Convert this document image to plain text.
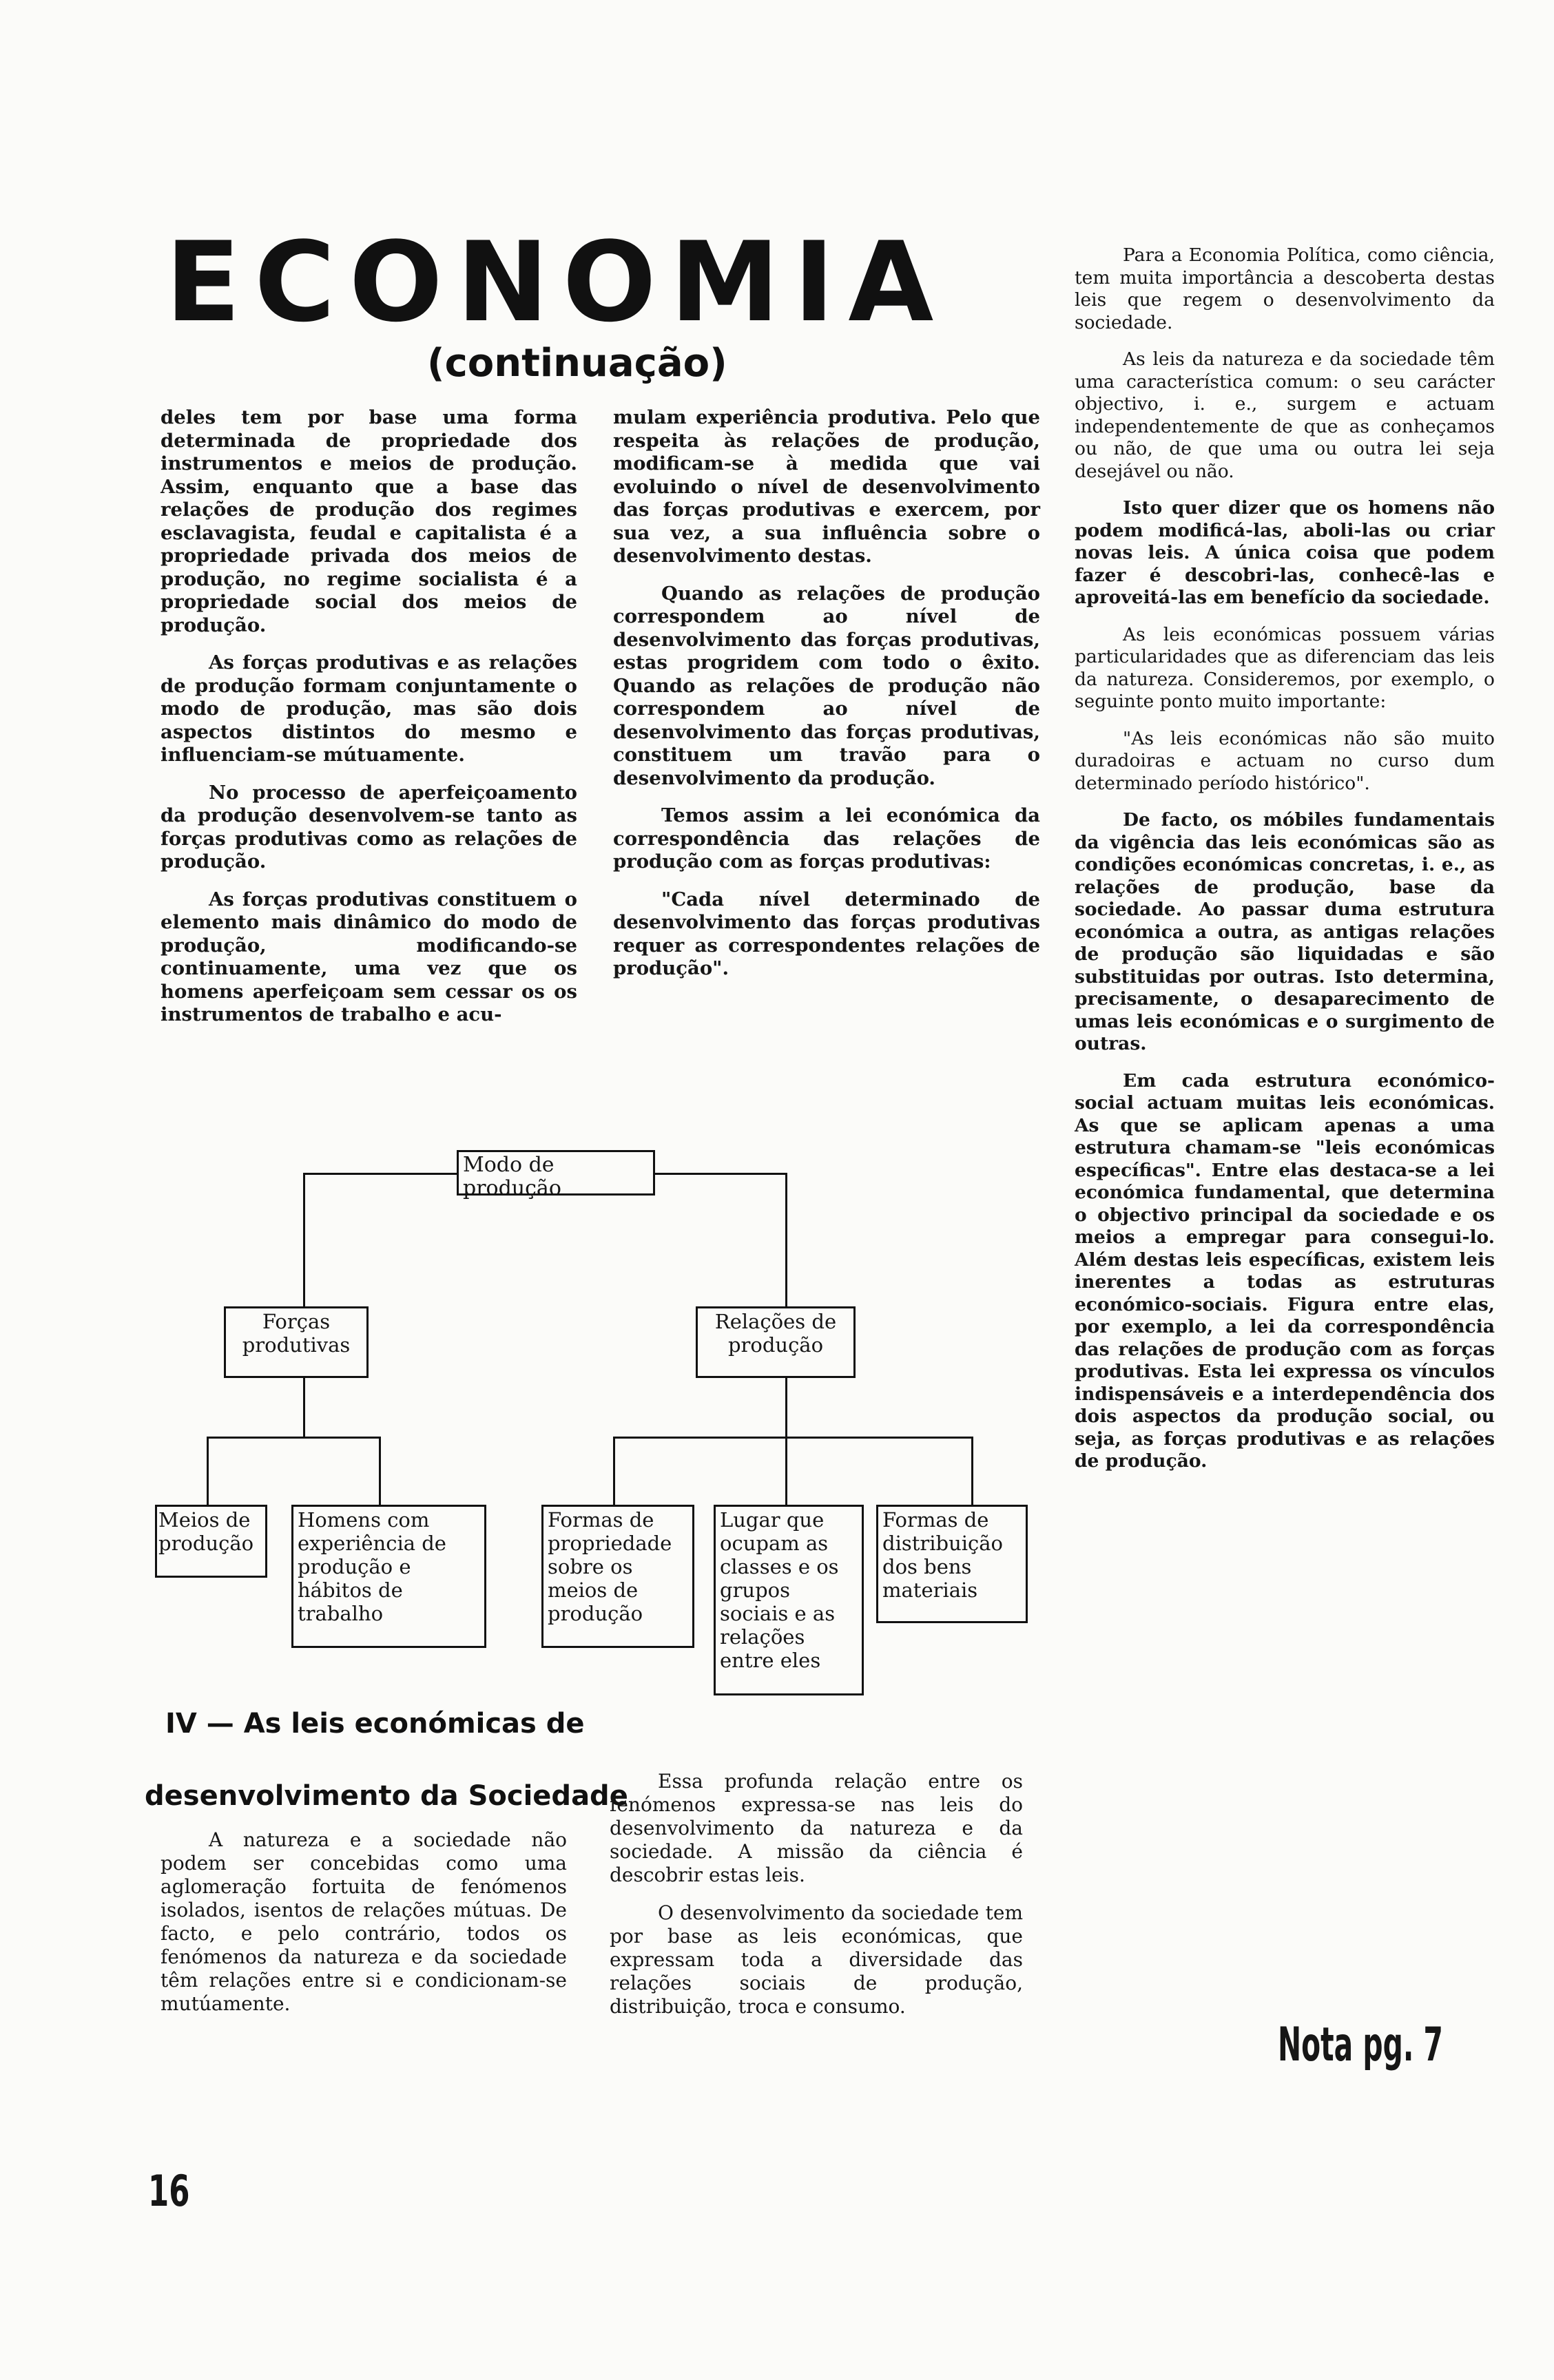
ECONOMIA
(continuação)

deles tem por base uma forma determinada de propriedade dos instrumentos e meios de produção. Assim, enquanto que a base das relações de produção dos regimes esclavagista, feudal e capitalista é a propriedade privada dos meios de produção, no regime socialista é a propriedade social dos meios de produção.

As forças produtivas e as relações de produção formam conjuntamente o modo de produção, mas são dois aspectos distintos do mesmo e influenciam-se mútuamente.

No processo de aperfeiçoamento da produção desenvolvem-se tanto as forças produtivas como as relações de produção.

As forças produtivas constituem o elemento mais dinâmico do modo de produção, modificando-se continuamente, uma vez que os homens aperfeiçoam sem cessar os os instrumentos de trabalho e acu-

mulam experiência produtiva. Pelo que respeita às relações de produção, modificam-se à medida que vai evoluindo o nível de desenvolvimento das forças produtivas e exercem, por sua vez, a sua influência sobre o desenvolvimento destas.

Quando as relações de produção correspondem ao nível de desenvolvimento das forças produtivas, estas progridem com todo o êxito. Quando as relações de produção não correspondem ao nível de desenvolvimento das forças produtivas, constituem um travão para o desenvolvimento da produção.

Temos assim a lei económica da correspondência das relações de produção com as forças produtivas:

"Cada nível determinado de desenvolvimento das forças produtivas requer as correspondentes relações de produção".

Para a Economia Política, como ciência, tem muita importância a descoberta destas leis que regem o desenvolvimento da sociedade.

As leis da natureza e da sociedade têm uma característica comum: o seu carácter objectivo, i. e., surgem e actuam independentemente de que as conheçamos ou não, de que uma ou outra lei seja desejável ou não.

Isto quer dizer que os homens não podem modificá-las, aboli-las ou criar novas leis. A única coisa que podem fazer é descobri-las, conhecê-las e aproveitá-las em benefício da sociedade.

As leis económicas possuem várias particularidades que as diferenciam das leis da natureza. Consideremos, por exemplo, o seguinte ponto muito importante:

"As leis económicas não são muito duradoiras e actuam no curso dum determinado período histórico".

De facto, os móbiles fundamentais da vigência das leis económicas são as condições económicas concretas, i. e., as relações de produção, base da sociedade. Ao passar duma estrutura económica a outra, as antigas relações de produção são liquidadas e são substituidas por outras. Isto determina, precisamente, o desaparecimento de umas leis económicas e o surgimento de outras.

Em cada estrutura económico-social actuam muitas leis económicas. As que se aplicam apenas a uma estrutura chamam-se "leis económicas específicas". Entre elas destaca-se a lei económica fundamental, que determina o objectivo principal da sociedade e os meios a empregar para consegui-lo. Além destas leis específicas, existem leis inerentes a todas as estruturas económico-sociais. Figura entre elas, por exemplo, a lei da correspondência das relações de produção com as forças produtivas. Esta lei expressa os vínculos indispensáveis e a interdependência dos dois aspectos da produção social, ou seja, as forças produtivas e as relações de produção.

Modo de produção
Forças produtivas
Relações de produção
Meios de produção
Homens com experiência de produção e hábitos de trabalho
Formas de propriedade sobre os meios de produção
Lugar que ocupam as classes e os grupos sociais e as relações entre eles
Formas de distribuição dos bens materiais
IV — As leis económicas de
desenvolvimento da Sociedade

A natureza e a sociedade não podem ser concebidas como uma aglomeração fortuita de fenómenos isolados, isentos de relações mútuas. De facto, e pelo contrário, todos os fenómenos da natureza e da sociedade têm relações entre si e condicionam-se mutúamente.

Essa profunda relação entre os fenómenos expressa-se nas leis do desenvolvimento da natureza e da sociedade. A missão da ciência é descobrir estas leis.

O desenvolvimento da sociedade tem por base as leis económicas, que expressam toda a diversidade das relações sociais de produção, distribuição, troca e consumo.

Nota pg. 7
16
